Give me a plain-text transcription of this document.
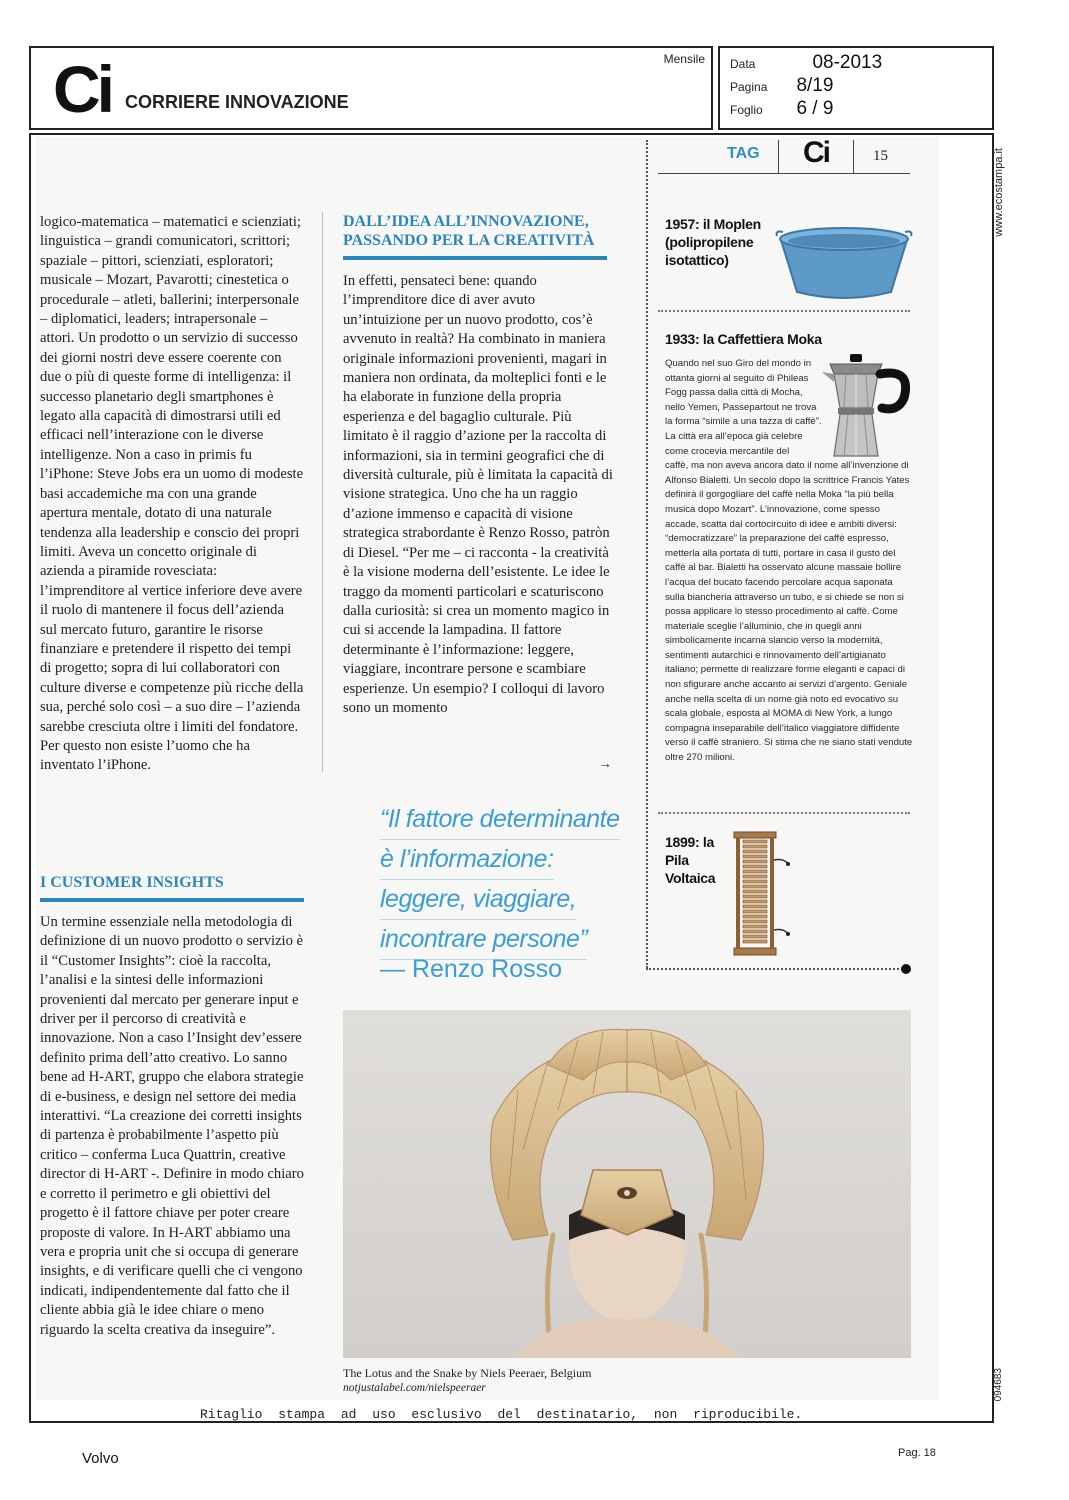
Ci CORRIERE INNOVAZIONE
Mensile Data	08-2013
Pagina 8/19
Foglio 6 / 9
TAG Ci	15

logico-matematica – matematici e scienziati; linguistica – grandi comunicatori, scrittori; spaziale – pittori, scienziati, esploratori; musicale – Mozart, Pavarotti; cinestetica o procedurale – atleti, ballerini; interpersonale – diplomatici, leaders; intrapersonale – attori. Un prodotto o un servizio di successo dei giorni nostri deve essere coerente con due o più di queste forme di intelligenza: il successo planetario degli smartphones è legato alla capacità di dimostrarsi utili ed efficaci nell’interazione con le diverse intelligenze. Non a caso in primis fu l’iPhone: Steve Jobs era un uomo di modeste basi accademiche ma con una grande apertura mentale, dotato di una naturale tendenza alla leadership e conscio dei propri limiti. Aveva un concetto originale di azienda a piramide rovesciata: l’imprenditore al vertice inferiore deve avere il ruolo di mantenere il focus dell’azienda sul mercato futuro, garantire le risorse finanziare e pretendere il rispetto dei tempi di progetto; sopra di lui collaboratori con culture diverse e competenze più ricche della sua, perché solo così – a suo dire – l’azienda sarebbe cresciuta oltre i limiti del fondatore. Per questo non esiste l’uomo che ha inventato l’iPhone.

I CUSTOMER INSIGHTS

Un termine essenziale nella metodologia di definizione di un nuovo prodotto o servizio è il “Customer Insights”: cioè la raccolta, l’analisi e la sintesi delle informazioni provenienti dal mercato per generare input e driver per il percorso di creatività e innovazione. Non a caso l’Insight dev’essere definito prima dell’atto creativo. Lo sanno bene ad H-ART, gruppo che elabora strategie di e-business, e design nel settore dei media interattivi. “La creazione dei corretti insights di partenza è probabilmente l’aspetto più critico – conferma Luca Quattrin, creative director di H-ART -. Definire in modo chiaro e corretto il perimetro e gli obiettivi del progetto è il fattore chiave per poter creare proposte di valore. In H-ART abbiamo una vera e propria unit che si occupa di generare insights, e di verificare quelli che ci vengono indicati, indipendentemente dal fatto che il cliente abbia già le idee chiare o meno riguardo la scelta creativa da inseguire”.

DALL’IDEA ALL’INNOVAZIONE, PASSANDO PER LA CREATIVITÀ

In effetti, pensateci bene: quando l’imprenditore dice di aver avuto un’intuizione per un nuovo prodotto, cos’è avvenuto in realtà? Ha combinato in maniera originale informazioni provenienti, magari in maniera non ordinata, da molteplici fonti e le ha elaborate in funzione della propria esperienza e del bagaglio culturale. Più limitato è il raggio d’azione per la raccolta di informazioni, sia in termini geografici che di diversità culturale, più è limitata la capacità di visione strategica. Uno che ha un raggio d’azione immenso e capacità di visione strategica strabordante è Renzo Rosso, patròn di Diesel. “Per me – ci racconta - la creatività è la visione moderna dell’esistente. Le idee le traggo da momenti particolari e scaturiscono dalla curiosità: si crea un momento magico in cui si accende la lampadina. Il fattore determinante è l’informazione: leggere, viaggiare, incontrare persone e scambiare esperienze. Un esempio? I colloqui di lavoro sono un momento

→
“Il fattore determinante
è l’informazione:
leggere, viaggiare,
incontrare persone”
— Renzo Rosso
The Lotus and the Snake by Niels Peeraer, Belgium
notjustalabel.com/nielspeeraer
1957: il Moplen (polipropilene isotattico)
1933: la Caffettiera Moka
Quando nel suo Giro del mondo in ottanta giorni al seguito di Phileas Fogg passa dalla città di Mocha, nello Yemen, Passepartout ne trova la forma “simile a una tazza di caffè”. La città era all’epoca già celebre come crocevia mercantile del
caffè, ma non aveva ancora dato il nome all’invenzione di Alfonso Bialetti. Un secolo dopo la scrittrice Francis Yates definirà il gorgogliare del caffè nella Moka “la più bella musica dopo Mozart”. L’innovazione, come spesso accade, scatta dal cortocircuito di idee e ambiti diversi: “democratizzare” la preparazione del caffè espresso, metterla alla portata di tutti, portare in casa il gusto del caffè al bar. Bialetti ha osservato alcune massaie bollire l’acqua del bucato facendo percolare acqua saponata sulla biancheria attraverso un tubo, e si chiede se non si possa applicare lo stesso procedimento al caffè. Come materiale sceglie l’alluminio, che in quegli anni simbolicamente incarna slancio verso la modernità, sentimenti autarchici e rinnovamento dell’artigianato italiano; permette di realizzare forme eleganti e capaci di non sfigurare anche accanto ai servizi d’argento. Geniale anche nella scelta di un nome già noto ed evocativo su scala globale, esposta al MOMA di New York, a lungo compagna inseparabile dell’italico viaggiatore diffidente verso il caffè straniero. Si stima che ne siano stati vendute oltre 270 milioni.
1899: la Pila Voltaica
Ritaglio stampa ad uso esclusivo del destinatario, non riproducibile.
Volvo	Pag. 18
www.ecostampa.it
094683
